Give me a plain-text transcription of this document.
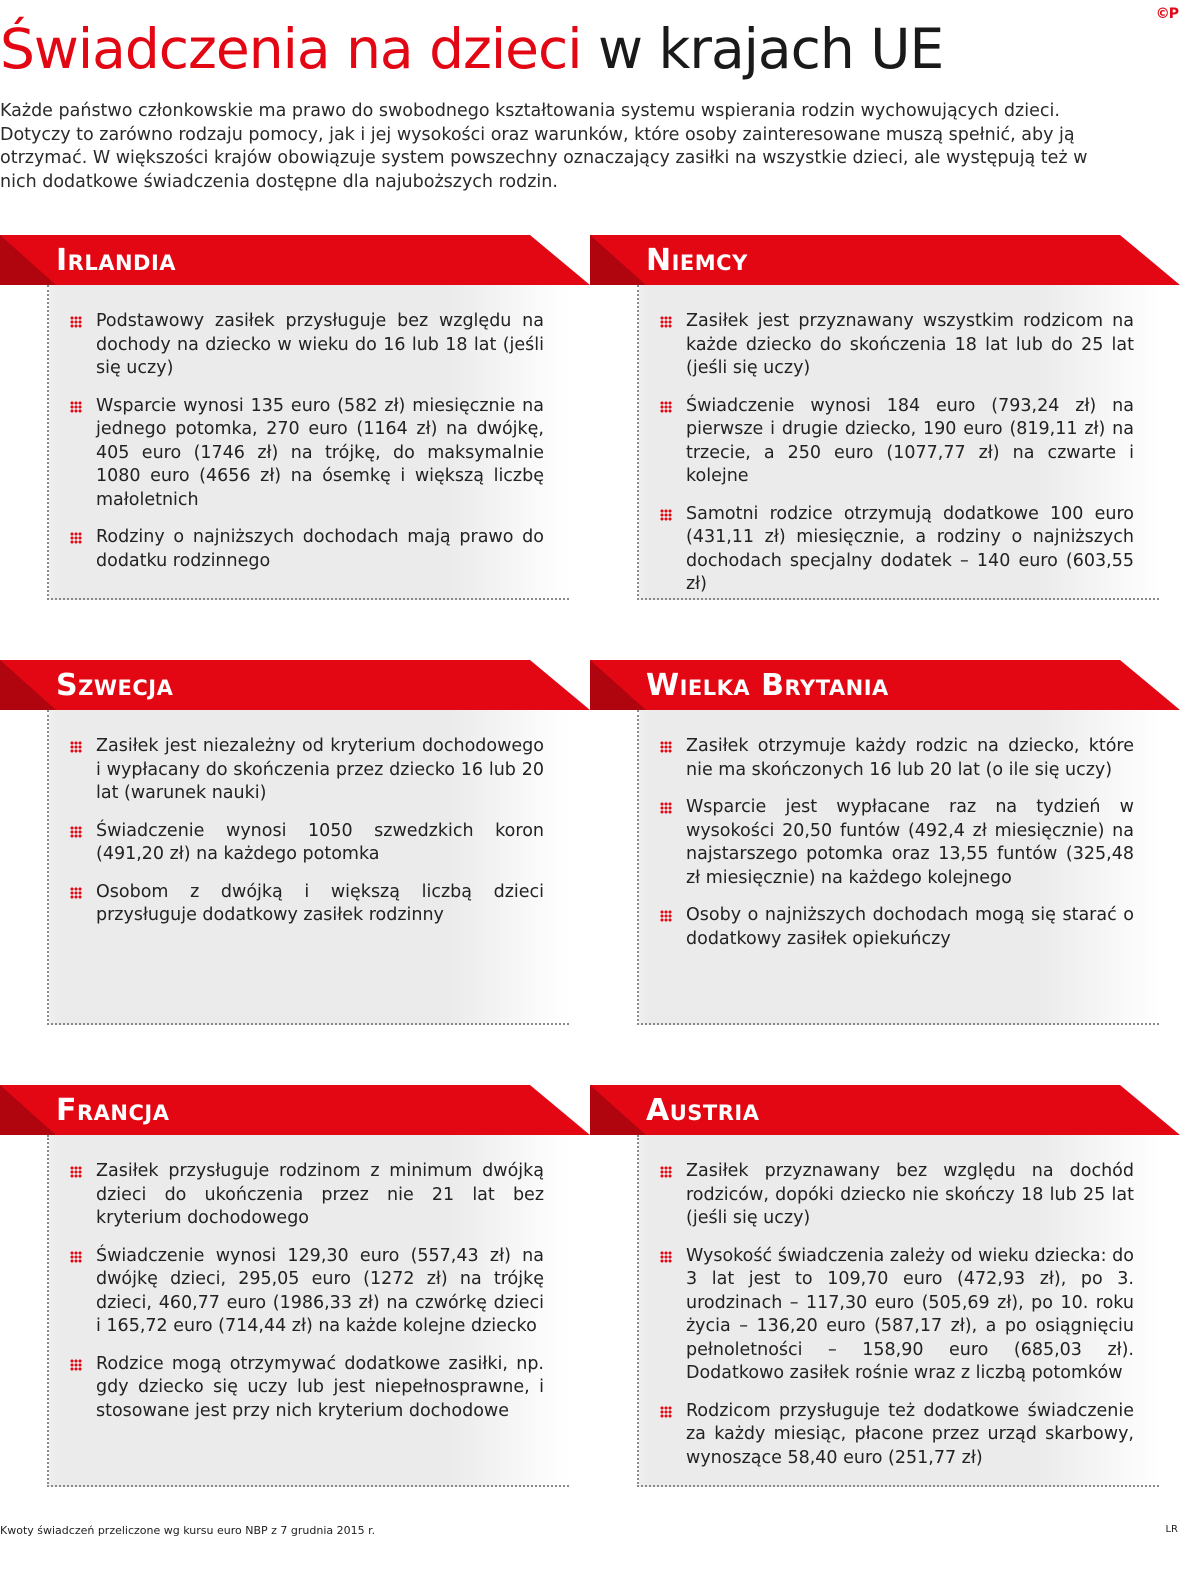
©P
Świadczenia na dzieci w krajach UE

Każde państwo członkowskie ma prawo do swobodnego kształtowania systemu wspierania rodzin wychowujących dzieci. Dotyczy to zarówno rodzaju pomocy, jak i jej wysokości oraz warunków, które osoby zainteresowane muszą spełnić, aby ją otrzymać. W większości krajów obowiązuje system powszechny oznaczający zasiłki na wszystkie dzieci, ale występują też w nich dodatkowe świadczenia dostępne dla najuboższych rodzin.

Irlandia
Podstawowy zasiłek przysługuje bez względu na dochody na dziecko w wieku do 16 lub 18 lat (jeśli się uczy)
Wsparcie wynosi 135 euro (582 zł) miesięcznie na jednego potomka, 270 euro (1164 zł) na dwójkę, 405 euro (1746 zł) na trójkę, do maksymalnie 1080 euro (4656 zł) na ósemkę i większą liczbę małoletnich
Rodziny o najniższych dochodach mają prawo do dodatku rodzinnego
Niemcy
Zasiłek jest przyznawany wszystkim rodzicom na każde dziecko do skończenia 18 lat lub do 25 lat (jeśli się uczy)
Świadczenie wynosi 184 euro (793,24 zł) na pierwsze i drugie dziecko, 190 euro (819,11 zł) na trzecie, a 250 euro (1077,77 zł) na czwarte i kolejne
Samotni rodzice otrzymują dodatkowe 100 euro (431,11 zł) miesięcznie, a rodziny o najniższych dochodach specjalny dodatek – 140 euro (603,55 zł)
Szwecja
Zasiłek jest niezależny od kryterium dochodowego i wypłacany do skończenia przez dziecko 16 lub 20 lat (warunek nauki)
Świadczenie wynosi 1050 szwedzkich koron (491,20 zł) na każdego potomka
Osobom z dwójką i większą liczbą dzieci przysługuje dodatkowy zasiłek rodzinny
Wielka Brytania
Zasiłek otrzymuje każdy rodzic na dziecko, które nie ma skończonych 16 lub 20 lat (o ile się uczy)
Wsparcie jest wypłacane raz na tydzień w wysokości 20,50 funtów (492,4 zł miesięcznie) na najstarszego potomka oraz 13,55 funtów (325,48 zł miesięcznie) na każdego kolejnego
Osoby o najniższych dochodach mogą się starać o dodatkowy zasiłek opiekuńczy
Francja
Zasiłek przysługuje rodzinom z minimum dwójką dzieci do ukończenia przez nie 21 lat bez kryterium dochodowego
Świadczenie wynosi 129,30 euro (557,43 zł) na dwójkę dzieci, 295,05 euro (1272 zł) na trójkę dzieci, 460,77 euro (1986,33 zł) na czwórkę dzieci i 165,72 euro (714,44 zł) na każde kolejne dziecko
Rodzice mogą otrzymywać dodatkowe zasiłki, np. gdy dziecko się uczy lub jest niepełnosprawne, i stosowane jest przy nich kryterium dochodowe
Austria
Zasiłek przyznawany bez względu na dochód rodziców, dopóki dziecko nie skończy 18 lub 25 lat (jeśli się uczy)
Wysokość świadczenia zależy od wieku dziecka: do 3 lat jest to 109,70 euro (472,93 zł), po 3. urodzinach – 117,30 euro (505,69 zł), po 10. roku życia – 136,20 euro (587,17 zł), a po osiągnięciu pełnoletności – 158,90 euro (685,03 zł). Dodatkowo zasiłek rośnie wraz z liczbą potomków
Rodzicom przysługuje też dodatkowe świadczenie za każdy miesiąc, płacone przez urząd skarbowy, wynoszące 58,40 euro (251,77 zł)
Kwoty świadczeń przeliczone wg kursu euro NBP z 7 grudnia 2015 r.	LR
